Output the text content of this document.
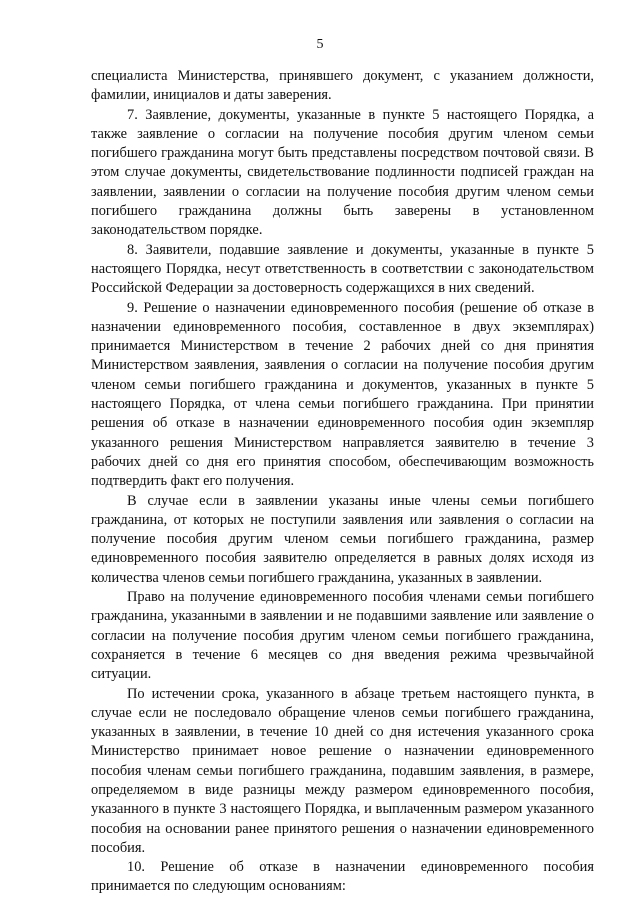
5

специалиста Министерства, принявшего документ, с указанием должности, фамилии, инициалов и даты заверения.

7. Заявление, документы, указанные в пункте 5 настоящего Порядка, а также заявление о согласии на получение пособия другим членом семьи погибшего гражданина могут быть представлены посредством почтовой связи. В этом случае документы, свидетельствование подлинности подписей граждан на заявлении, заявлении о согласии на получение пособия другим членом семьи погибшего гражданина должны быть заверены в установленном законодательством порядке.

8. Заявители, подавшие заявление и документы, указанные в пункте 5 настоящего Порядка, несут ответственность в соответствии с законодательством Российской Федерации за достоверность содержащихся в них сведений.

9. Решение о назначении единовременного пособия (решение об отказе в назначении единовременного пособия, составленное в двух экземплярах) принимается Министерством в течение 2 рабочих дней со дня принятия Министерством заявления, заявления о согласии на получение пособия другим членом семьи погибшего гражданина и документов, указанных в пункте 5 настоящего Порядка, от члена семьи погибшего гражданина. При принятии решения об отказе в назначении единовременного пособия один экземпляр указанного решения Министерством направляется заявителю в течение 3 рабочих дней со дня его принятия способом, обеспечивающим возможность подтвердить факт его получения.

В случае если в заявлении указаны иные члены семьи погибшего гражданина, от которых не поступили заявления или заявления о согласии на получение пособия другим членом семьи погибшего гражданина, размер единовременного пособия заявителю определяется в равных долях исходя из количества членов семьи погибшего гражданина, указанных в заявлении.

Право на получение единовременного пособия членами семьи погибшего гражданина, указанными в заявлении и не подавшими заявление или заявление о согласии на получение пособия другим членом семьи погибшего гражданина, сохраняется в течение 6 месяцев со дня введения режима чрезвычайной ситуации.

По истечении срока, указанного в абзаце третьем настоящего пункта, в случае если не последовало обращение членов семьи погибшего гражданина, указанных в заявлении, в течение 10 дней со дня истечения указанного срока Министерство принимает новое решение о назначении единовременного пособия членам семьи погибшего гражданина, подавшим заявления, в размере, определяемом в виде разницы между размером единовременного пособия, указанного в пункте 3 настоящего Порядка, и выплаченным размером указанного пособия на основании ранее принятого решения о назначении единовременного пособия.

10. Решение об отказе в назначении единовременного пособия принимается по следующим основаниям:
